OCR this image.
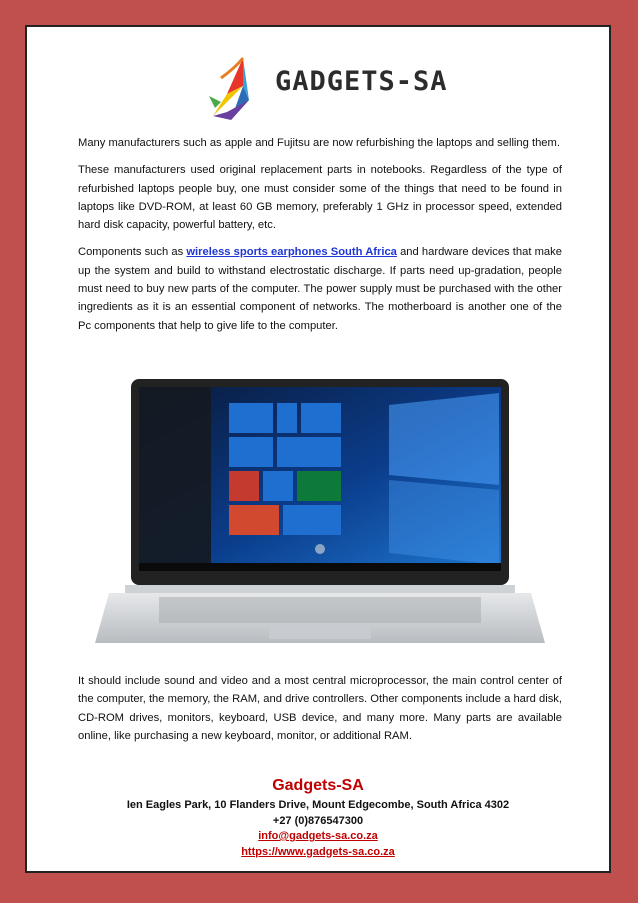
GADGETS-SA

Many manufacturers such as apple and Fujitsu are now refurbishing the laptops and selling them.

These manufacturers used original replacement parts in notebooks. Regardless of the type of refurbished laptops people buy, one must consider some of the things that need to be found in laptops like DVD-ROM, at least 60 GB memory, preferably 1 GHz in processor speed, extended hard disk capacity, powerful battery, etc.

Components such as wireless sports earphones South Africa and hardware devices that make up the system and build to withstand electrostatic discharge. If parts need up-gradation, people must need to buy new parts of the computer. The power supply must be purchased with the other ingredients as it is an essential component of networks. The motherboard is another one of the Pc components that help to give life to the computer.

It should include sound and video and a most central microprocessor, the main control center of the computer, the memory, the RAM, and drive controllers. Other components include a hard disk, CD-ROM drives, monitors, keyboard, USB device, and many more. Many parts are available online, like purchasing a new keyboard, monitor, or additional RAM.

Gadgets-SA
Ien Eagles Park, 10 Flanders Drive, Mount Edgecombe, South Africa 4302
+27 (0)876547300
info@gadgets-sa.co.za
https://www.gadgets-sa.co.za
